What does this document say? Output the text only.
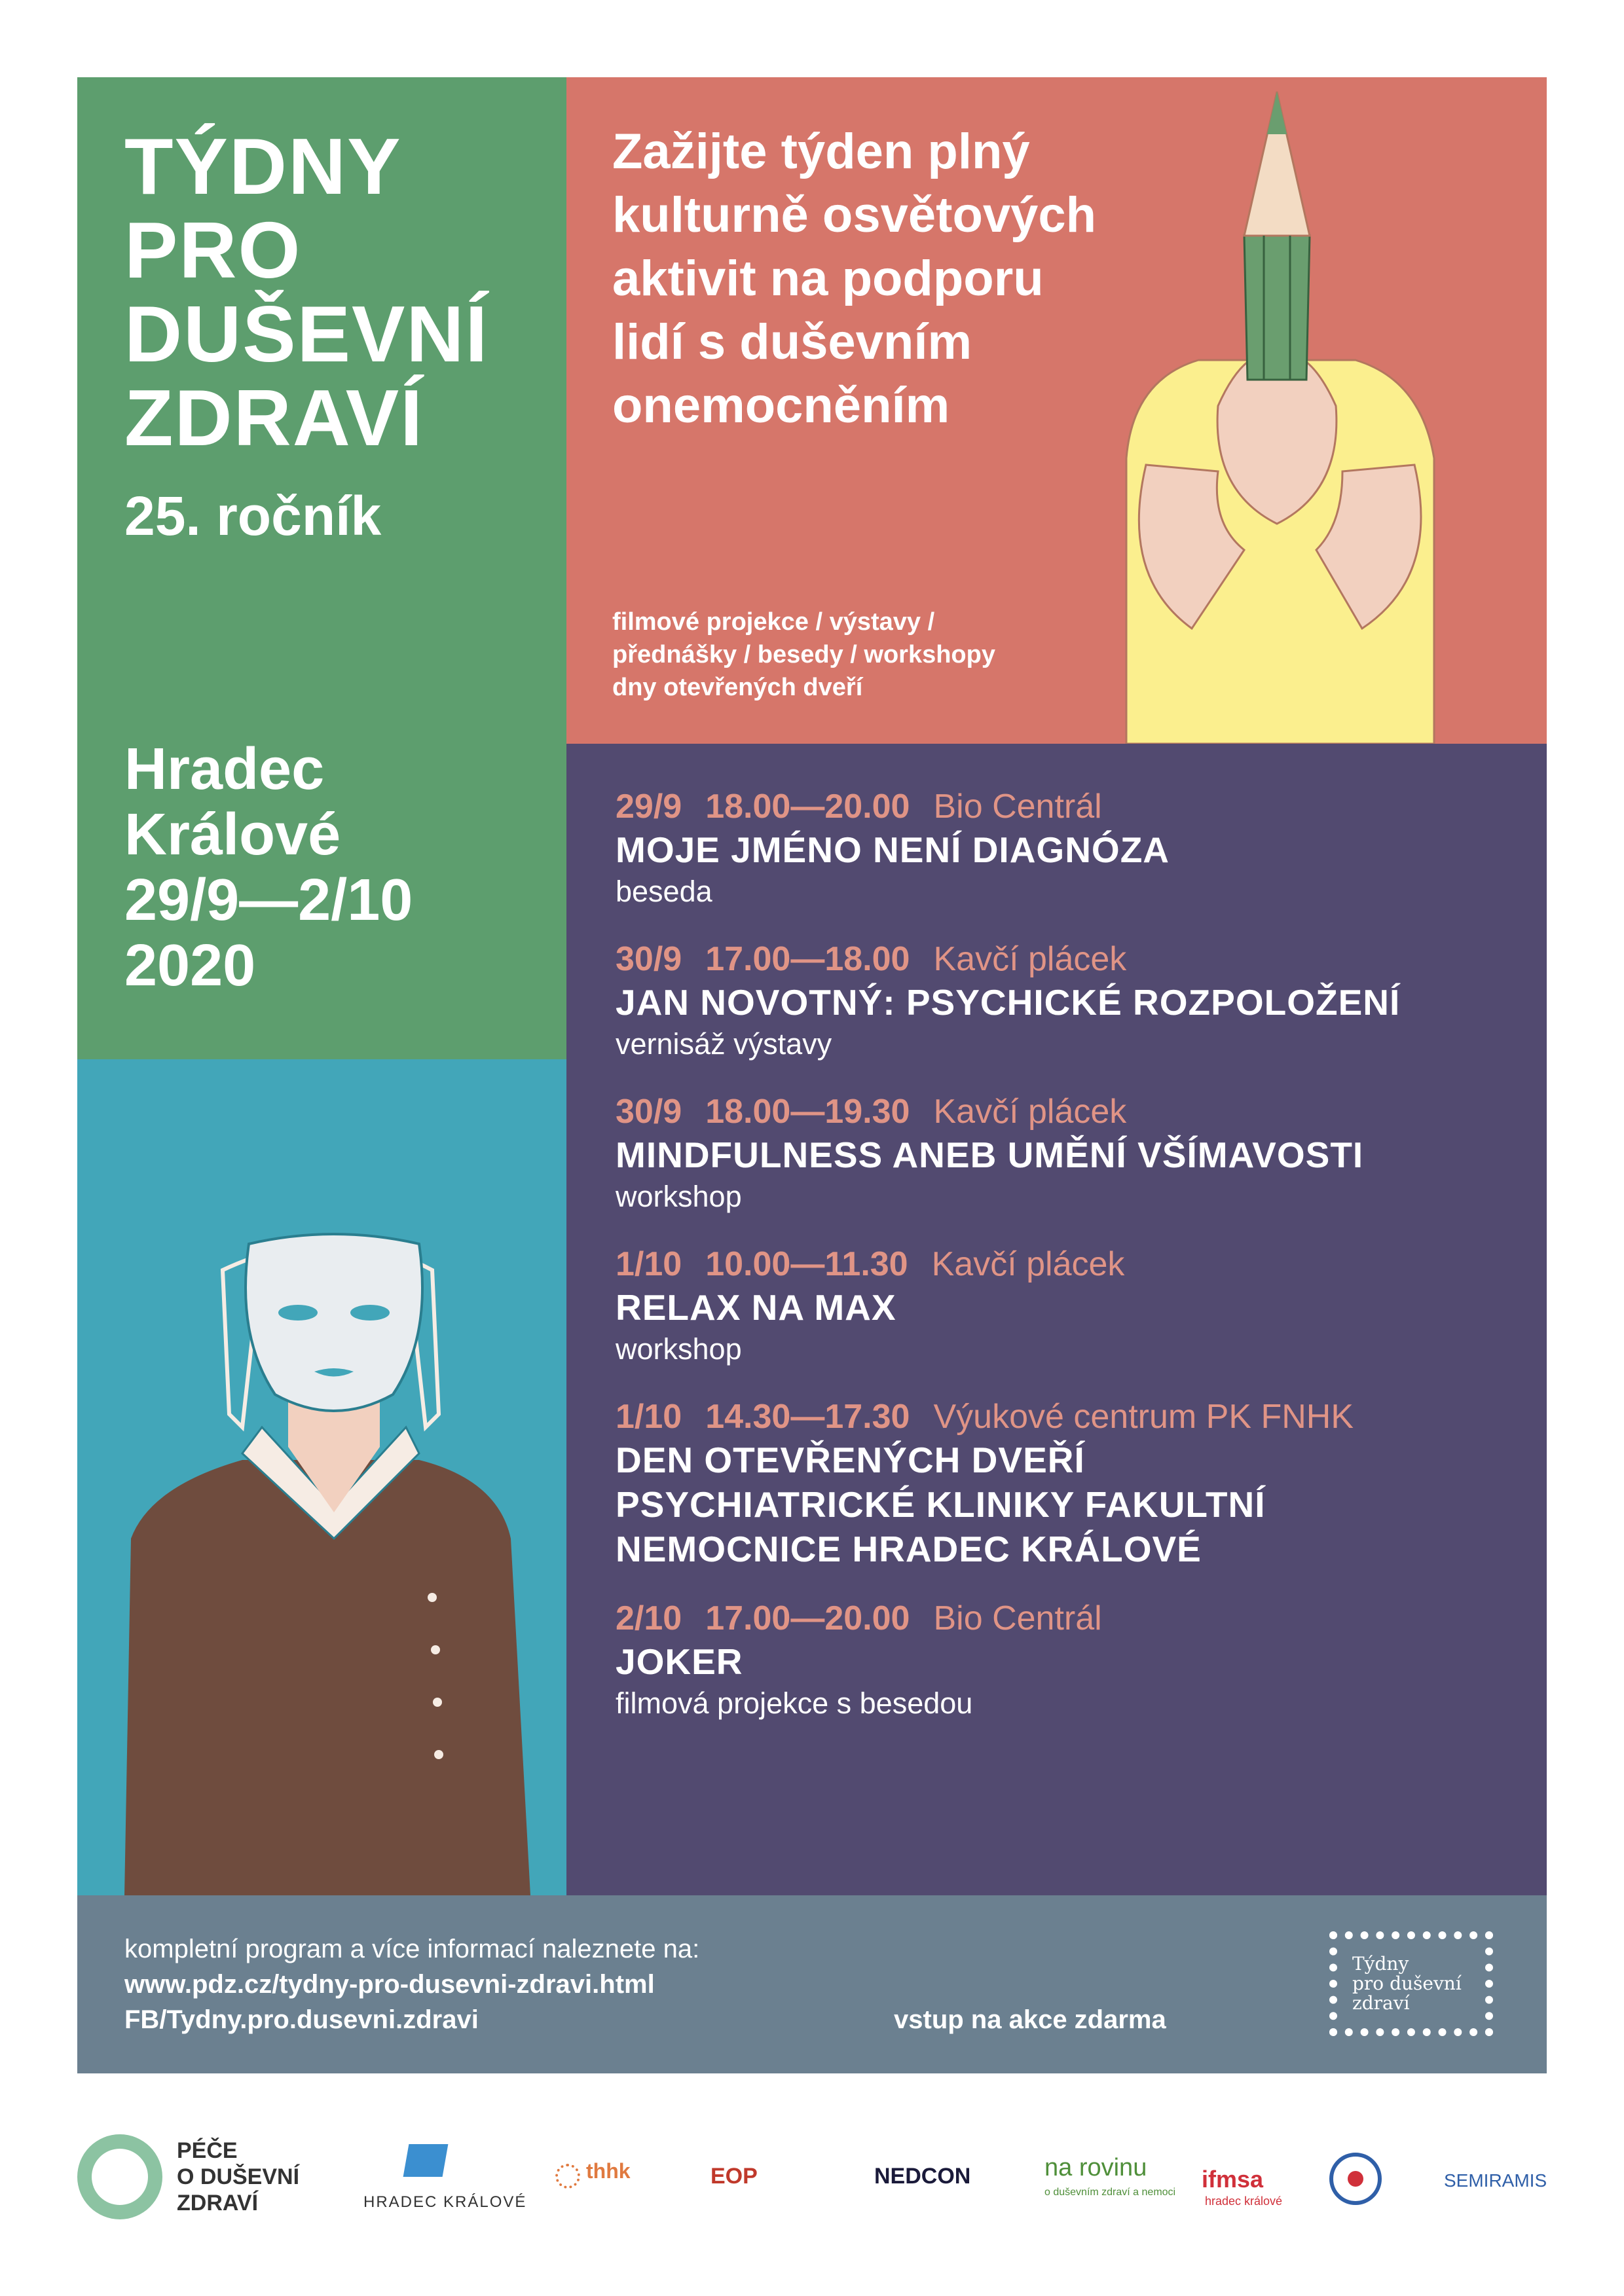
TÝDNY
PRO
DUŠEVNÍ
ZDRAVÍ
25. ročník
Hradec
Králové
29/9—2/10
2020
Zažijte týden plný
kulturně osvětových
aktivit na podporu
lidí s duševním
onemocněním
filmové projekce / výstavy /
přednášky / besedy / workshopy
dny otevřených dveří
29/9 18.00—20.00 Bio Centrál
MOJE JMÉNO NENÍ DIAGNÓZA
beseda
30/9 17.00—18.00 Kavčí plácek
JAN NOVOTNÝ: PSYCHICKÉ ROZPOLOŽENÍ
vernisáž výstavy
30/9 18.00—19.30 Kavčí plácek
MINDFULNESS ANEB UMĚNÍ VŠÍMAVOSTI
workshop
1/10 10.00—11.30 Kavčí plácek
RELAX NA MAX
workshop
1/10 14.30—17.30 Výukové centrum PK FNHK
DEN OTEVŘENÝCH DVEŘÍ
PSYCHIATRICKÉ KLINIKY FAKULTNÍ
NEMOCNICE HRADEC KRÁLOVÉ
2/10 17.00—20.00 Bio Centrál
JOKER
filmová projekce s besedou
kompletní program a více informací naleznete na:
www.pdz.cz/tydny-pro-dusevni-zdravi.html
FB/Tydny.pro.dusevni.zdravi	vstup na akce zdarma
Týdny
pro duševní
zdraví
PÉČE
O DUŠEVNÍ
ZDRAVÍ	HRADEC KRÁLOVÉ
thhk	EOP	NEDCON	na rovinu
o duševním zdraví a nemoci ifmsa
hradec králové
SEMIRAMIS
